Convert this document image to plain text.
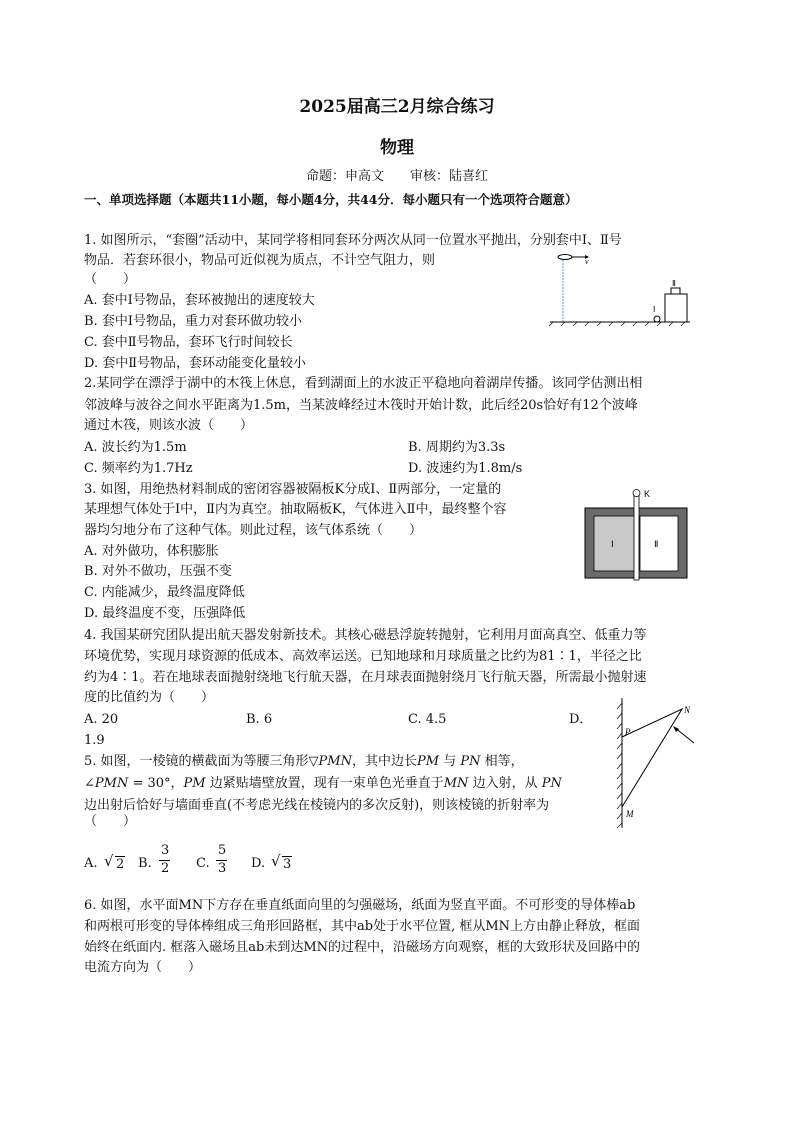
2025届高三2月综合练习
物理
命题：申高文　　审核：陆喜红
一、单项选择题（本题共11小题，每小题4分，共44分．每小题只有一个选项符合题意）
1. 如图所示，“套圈”活动中，某同学将相同套环分两次从同一位置水平抛出，分别套中Ⅰ、Ⅱ号
物品．若套环很小，物品可近似视为质点，不计空气阻力，则
（　　）
A. 套中Ⅰ号物品，套环被抛出的速度较大
B. 套中Ⅰ号物品，重力对套环做功较小
C. 套中Ⅱ号物品，套环飞行时间较长
D. 套中Ⅱ号物品，套环动能变化量较小
v
Ⅰ
Ⅱ
2.某同学在漂浮于湖中的木筏上休息，看到湖面上的水波正平稳地向着湖岸传播。该同学估测出相
邻波峰与波谷之间水平距离为1.5m，当某波峰经过木筏时开始计数，此后经20s恰好有12个波峰
通过木筏，则该水波（　　）
A. 波长约为1.5m	B. 周期约为3.3s
C. 频率约为1.7Hz	D. 波速约为1.8m/s
3. 如图，用绝热材料制成的密闭容器被隔板K分成Ⅰ、Ⅱ两部分，一定量的
某理想气体处于Ⅰ中，Ⅱ内为真空。抽取隔板K，气体进入Ⅱ中，最终整个容
器均匀地分布了这种气体。则此过程，该气体系统（　　）
A. 对外做功，体积膨胀
B. 对外不做功，压强不变
C. 内能减少，最终温度降低
D. 最终温度不变，压强降低
K
Ⅰ	Ⅱ
4. 我国某研究团队提出航天器发射新技术。其核心磁悬浮旋转抛射，它利用月面高真空、低重力等
环境优势，实现月球资源的低成本、高效率运送。已知地球和月球质量之比约为81∶1，半径之比
约为4∶1。若在地球表面抛射绕地飞行航天器，在月球表面抛射绕月飞行航天器，所需最小抛射速
度的比值约为（　　）
A. 20	B. 6	C. 4.5	D．
1.9
5. 如图，一棱镜的横截面为等腰三角形▽PMN，其中边长PM 与 PN 相等，
∠PMN = 30°，PM 边紧贴墙壁放置，现有一束单色光垂直于MN 边入射，从 PN
边出射后恰好与墙面垂直(不考虑光线在棱镜内的多次反射)，则该棱镜的折射率为
（　　）
A. √ 2 B.
3
2 C.
5
3 D. √ 3
P
N
M
6. 如图，水平面MN下方存在垂直纸面向里的匀强磁场，纸面为竖直平面。不可形变的导体棒ab
和两根可形变的导体棒组成三角形回路框，其中ab处于水平位置, 框从MN上方由静止释放，框面
始终在纸面内. 框落入磁场且ab未到达MN的过程中，沿磁场方向观察，框的大致形状及回路中的
电流方向为（　　）
